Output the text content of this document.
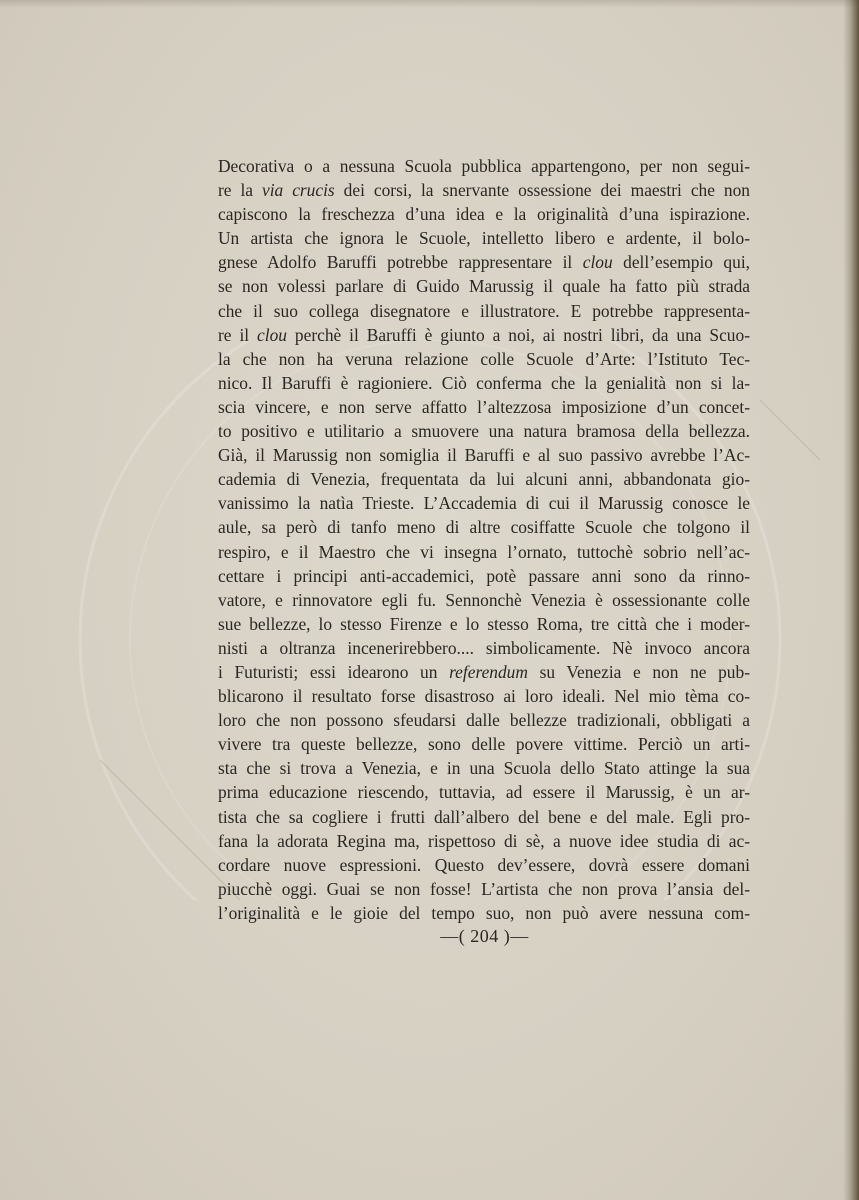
Decorativa o a nessuna Scuola pubblica appartengono, per non segui-
re la via crucis dei corsi, la snervante ossessione dei maestri che non
capiscono la freschezza d’una idea e la originalità d’una ispirazione.
Un artista che ignora le Scuole, intelletto libero e ardente, il bolo-
gnese Adolfo Baruffi potrebbe rappresentare il clou dell’esempio qui,
se non volessi parlare di Guido Marussig il quale ha fatto più strada
che il suo collega disegnatore e illustratore. E potrebbe rappresenta-
re il clou perchè il Baruffi è giunto a noi, ai nostri libri, da una Scuo-
la che non ha veruna relazione colle Scuole d’Arte: l’Istituto Tec-
nico. Il Baruffi è ragioniere. Ciò conferma che la genialità non si la-
scia vincere, e non serve affatto l’altezzosa imposizione d’un concet-
to positivo e utilitario a smuovere una natura bramosa della bellezza.
Già, il Marussig non somiglia il Baruffi e al suo passivo avrebbe l’Ac-
cademia di Venezia, frequentata da lui alcuni anni, abbandonata gio-
vanissimo la natìa Trieste. L’Accademia di cui il Marussig conosce le
aule, sa però di tanfo meno di altre cosiffatte Scuole che tolgono il
respiro, e il Maestro che vi insegna l’ornato, tuttochè sobrio nell’ac-
cettare i principi anti-accademici, potè passare anni sono da rinno-
vatore, e rinnovatore egli fu. Sennonchè Venezia è ossessionante colle
sue bellezze, lo stesso Firenze e lo stesso Roma, tre città che i moder-
nisti a oltranza incenerirebbero.... simbolicamente. Nè invoco ancora
i Futuristi; essi idearono un referendum su Venezia e non ne pub-
blicarono il resultato forse disastroso ai loro ideali. Nel mio tèma co-
loro che non possono sfeudarsi dalle bellezze tradizionali, obbligati a
vivere tra queste bellezze, sono delle povere vittime. Perciò un arti-
sta che si trova a Venezia, e in una Scuola dello Stato attinge la sua
prima educazione riescendo, tuttavia, ad essere il Marussig, è un ar-
tista che sa cogliere i frutti dall’albero del bene e del male. Egli pro-
fana la adorata Regina ma, rispettoso di sè, a nuove idee studia di ac-
cordare nuove espressioni. Questo dev’essere, dovrà essere domani
piucchè oggi. Guai se non fosse! L’artista che non prova l’ansia del-
l’originalità e le gioie del tempo suo, non può avere nessuna com-
—( 204 )—
